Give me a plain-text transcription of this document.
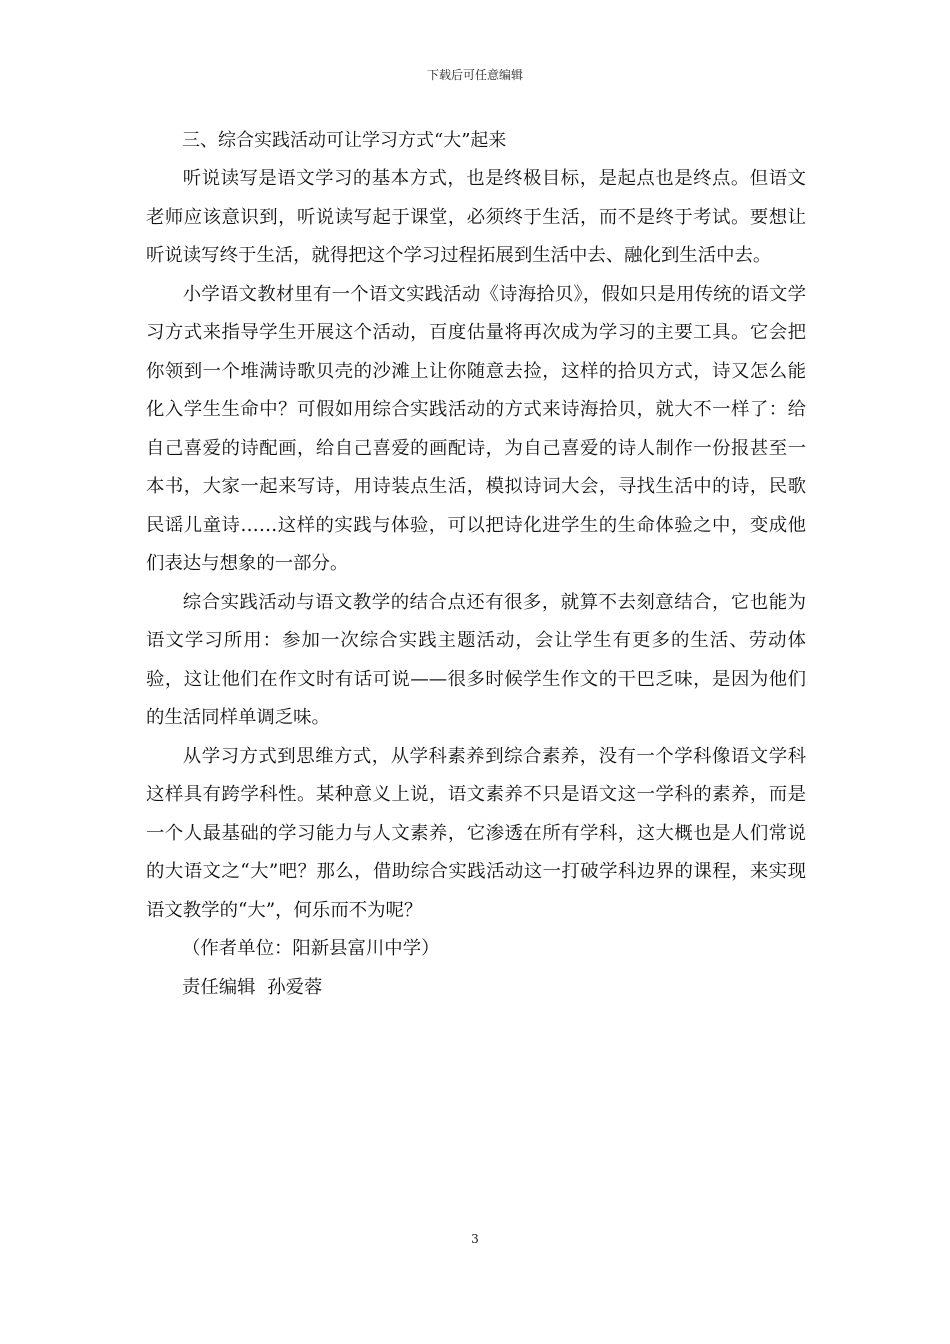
下载后可任意编辑
三、综合实践活动可让学习方式“大”起来

听说读写是语文学习的基本方式，也是终极目标，是起点也是终点。但语文老师应该意识到，听说读写起于课堂，必须终于生活，而不是终于考试。要想让听说读写终于生活，就得把这个学习过程拓展到生活中去、融化到生活中去。

小学语文教材里有一个语文实践活动《诗海拾贝》，假如只是用传统的语文学习方式来指导学生开展这个活动，百度估量将再次成为学习的主要工具。它会把你领到一个堆满诗歌贝壳的沙滩上让你随意去捡，这样的拾贝方式，诗又怎么能化入学生生命中？可假如用综合实践活动的方式来诗海拾贝，就大不一样了：给自己喜爱的诗配画，给自己喜爱的画配诗，为自己喜爱的诗人制作一份报甚至一本书，大家一起来写诗，用诗装点生活，模拟诗词大会，寻找生活中的诗，民歌民谣儿童诗……这样的实践与体验，可以把诗化进学生的生命体验之中，变成他们表达与想象的一部分。

综合实践活动与语文教学的结合点还有很多，就算不去刻意结合，它也能为语文学习所用：参加一次综合实践主题活动，会让学生有更多的生活、劳动体验，这让他们在作文时有话可说——很多时候学生作文的干巴乏味，是因为他们的生活同样单调乏味。

从学习方式到思维方式，从学科素养到综合素养，没有一个学科像语文学科这样具有跨学科性。某种意义上说，语文素养不只是语文这一学科的素养，而是一个人最基础的学习能力与人文素养，它渗透在所有学科，这大概也是人们常说的大语文之“大”吧？那么，借助综合实践活动这一打破学科边界的课程，来实现语文教学的“大”，何乐而不为呢？

（作者单位：阳新县富川中学）
责任编辑  孙爱蓉
3
